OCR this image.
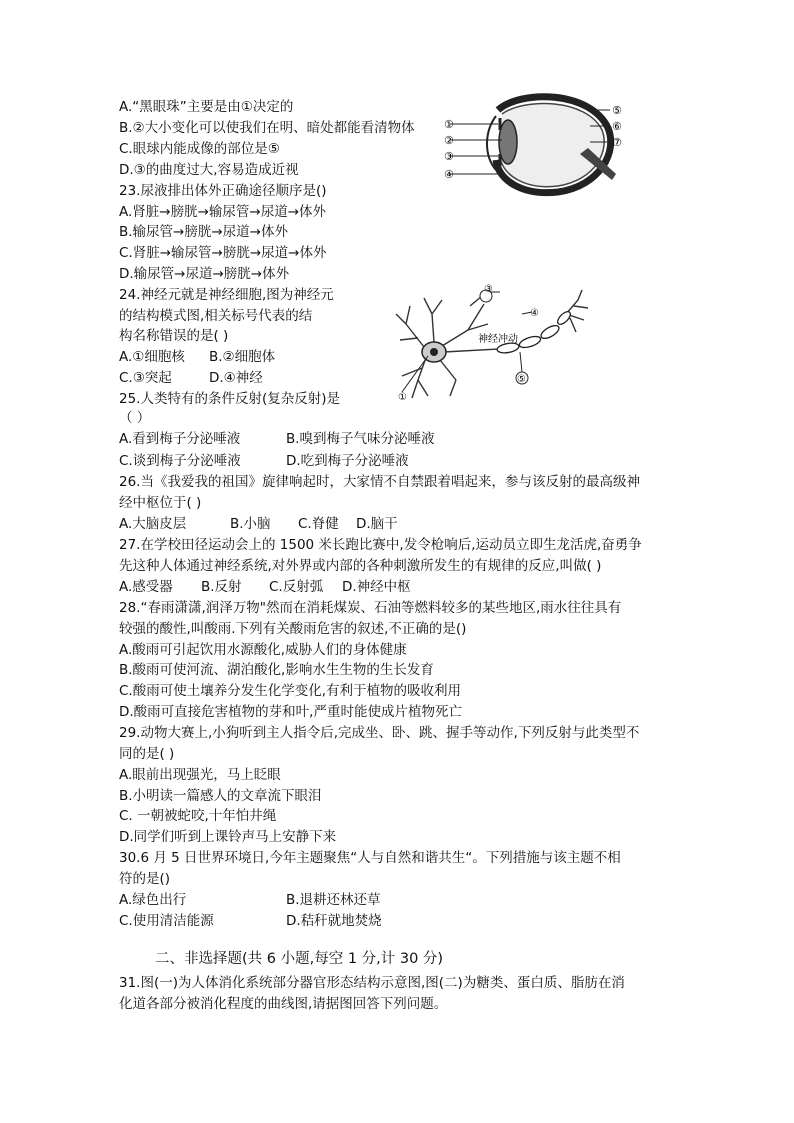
A.“黑眼珠”主要是由①决定的
B.②大小变化可以使我们在明、暗处都能看清物体
C.眼球内能成像的部位是⑤
D.③的曲度过大,容易造成近视
①
②
③
④
⑤
⑥
⑦
23.尿液排出体外正确途径顺序是()
A.肾脏→膀胱→输尿管→尿道→体外
B.输尿管→膀胱→尿道→体外
C.肾脏→输尿管→膀胱→尿道→体外
D.输尿管→尿道→膀胱→体外
24.神经元就是神经细胞,图为神经元
的结构模式图,相关标号代表的结
构名称错误的是( )
A.①细胞核 B.②细胞体
C.③突起	D.④神经
①
③
④
⑤
神经冲动
25.人类特有的条件反射(复杂反射)是
（ ）
A.看到梅子分泌唾液	B.嗅到梅子气味分泌唾液
C.谈到梅子分泌唾液	D.吃到梅子分泌唾液
26.当《我爱我的祖国》旋律响起时，大家情不自禁跟着唱起来，参与该反射的最高级神
经中枢位于( )
A.大脑皮层	B.小脑 C.脊健 D.脑干
27.在学校田径运动会上的 1500 米长跑比赛中,发令枪响后,运动员立即生龙活虎,奋勇争
先这种人体通过神经系统,对外界或内部的各种刺激所发生的有规律的反应,叫做( )
A.感受器 B.反射 C.反射弧 D.神经中枢
28.“春雨潇潇,润泽万物"然而在消耗煤炭、石油等燃料较多的某些地区,雨水往往具有
较强的酸性,叫酸雨.下列有关酸雨危害的叙述,不正确的是()
A.酸雨可引起饮用水源酸化,威胁人们的身体健康
B.酸雨可使河流、湖泊酸化,影响水生生物的生长发育
C.酸雨可使土壤养分发生化学变化,有利于植物的吸收利用
D.酸雨可直接危害植物的芽和叶,严重时能使成片植物死亡
29.动物大赛上,小狗听到主人指令后,完成坐、卧、跳、握手等动作,下列反射与此类型不
同的是( )
A.眼前出现强光，马上眨眼
B.小明读一篇感人的文章流下眼泪
C. 一朝被蛇咬,十年怕井绳
D.同学们听到上课铃声马上安静下来
30.6 月 5 日世界环境日,今年主题聚焦“人与自然和谐共生“。下列措施与该主题不相
符的是()
A.绿色出行	B.退耕还林还草
C.使用清洁能源	D.秸秆就地焚烧
二、非选择题(共 6 小题,每空 1 分,计 30 分)
31.图(一)为人体消化系统部分器官形态结构示意图,图(二)为糖类、蛋白质、脂肪在消
化道各部分被消化程度的曲线图,请据图回答下列问题。
